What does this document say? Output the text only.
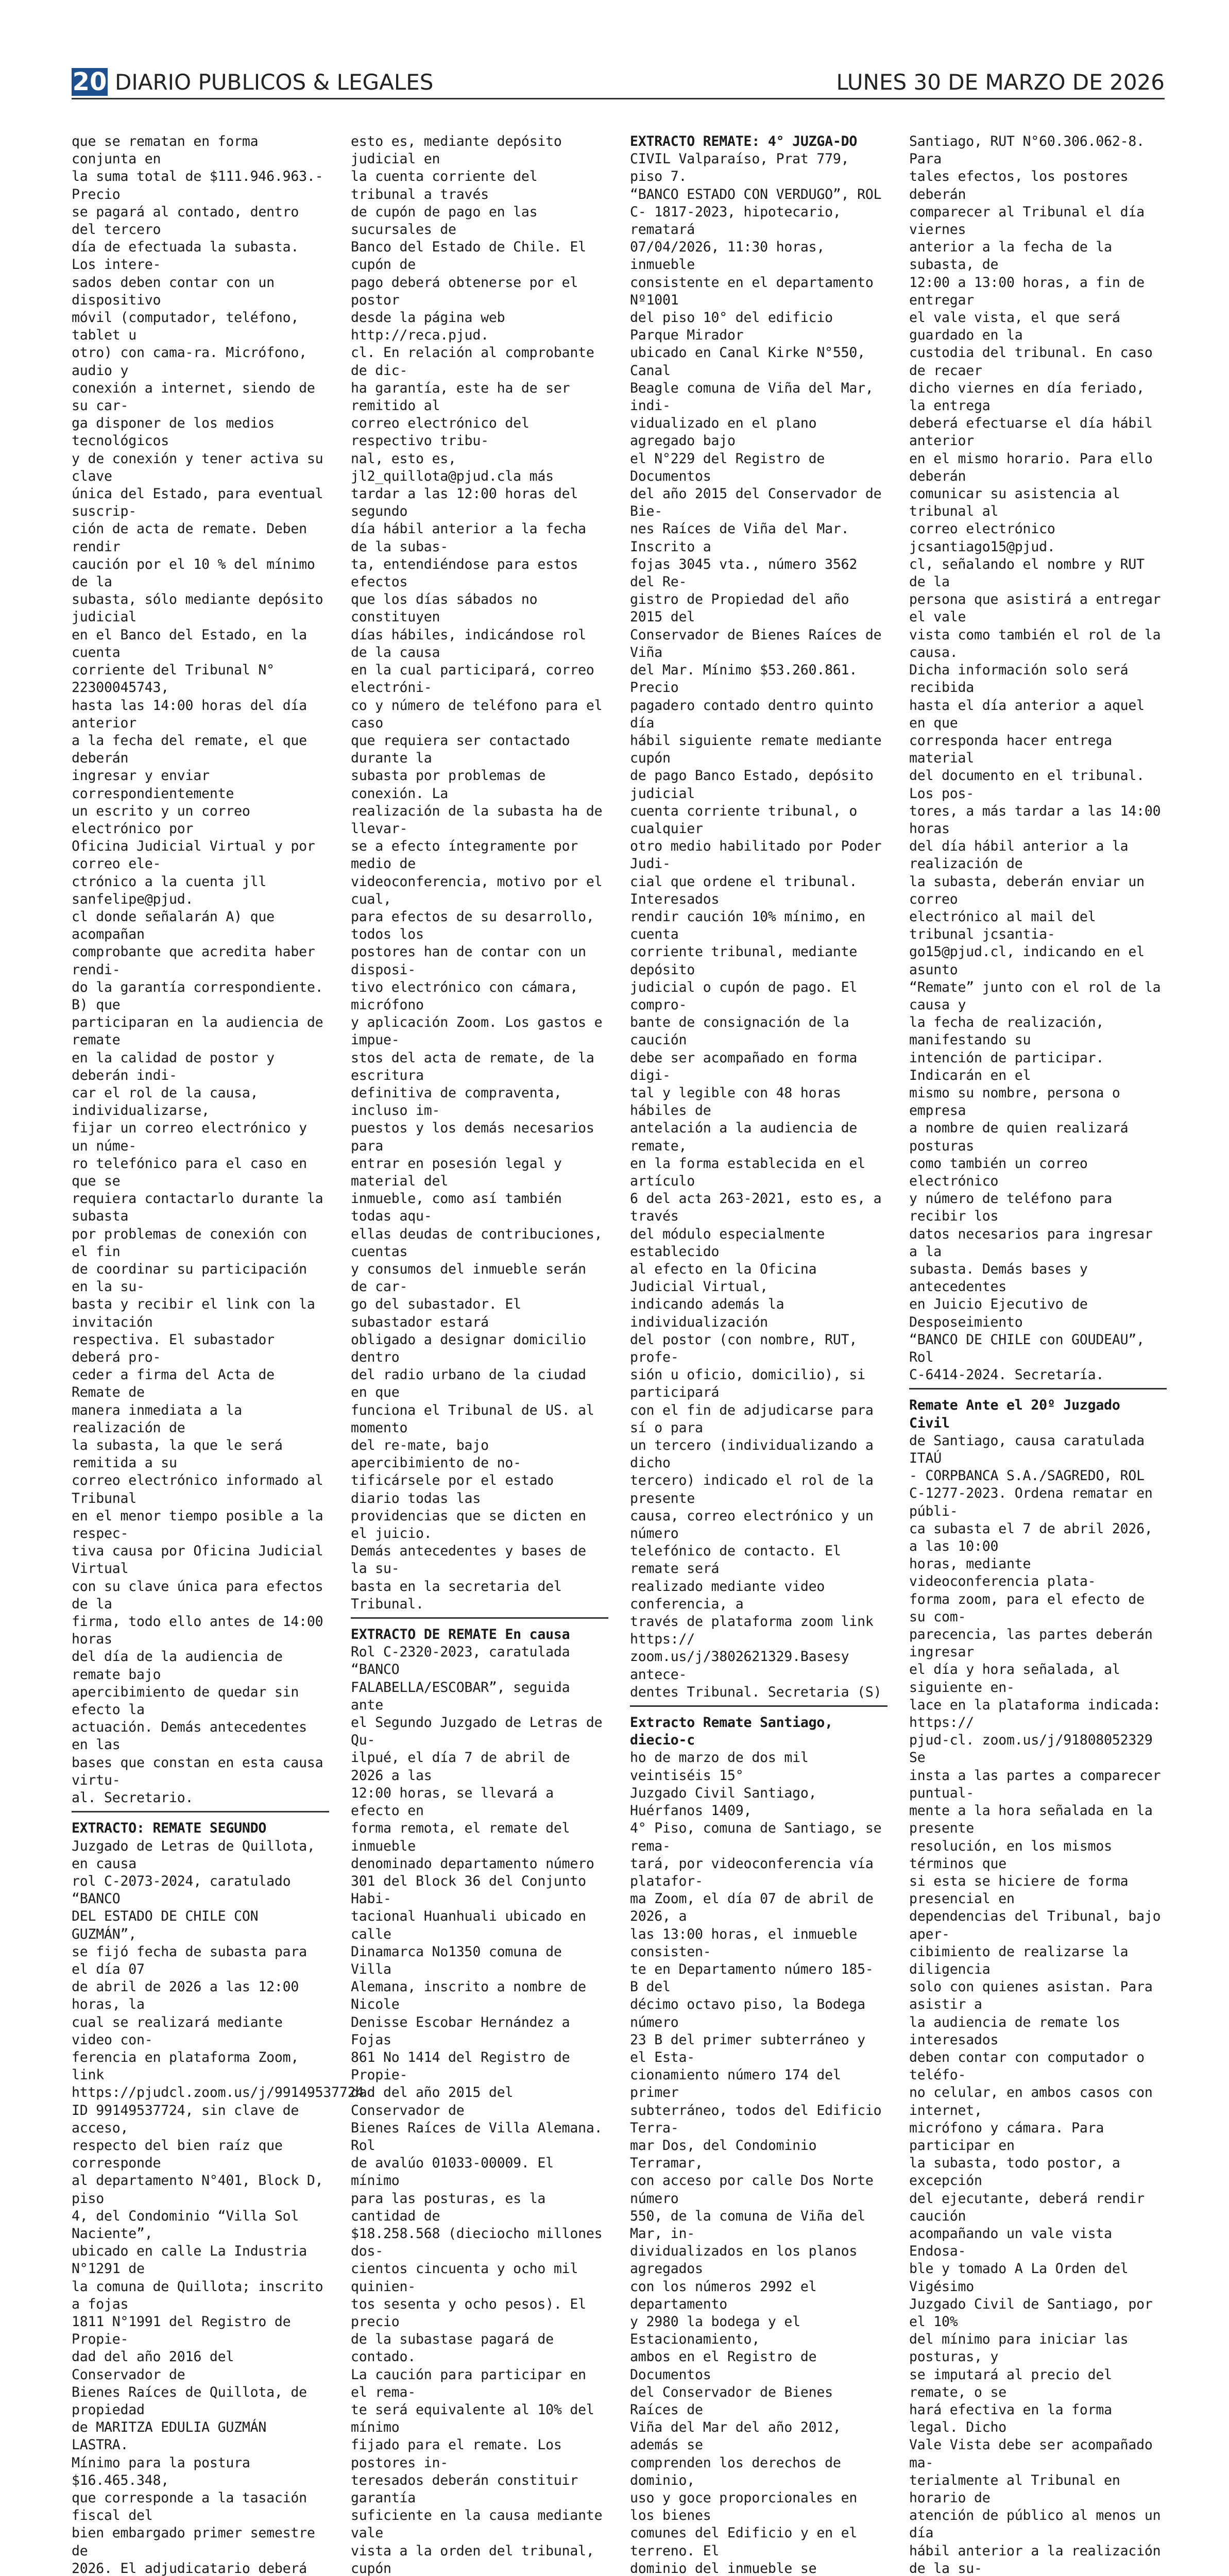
20 DIARIO PUBLICOS & LEGALES	LUNES 30 DE MARZO DE 2026
que se rematan en forma conjunta en
la suma total de $111.946.963.- Precio
se pagará al contado, dentro del tercero
día de efectuada la subasta. Los intere-
sados deben contar con un dispositivo
móvil (computador, teléfono, tablet u
otro) con cama-ra. Micrófono, audio y
conexión a internet, siendo de su car-
ga disponer de los medios tecnológicos
y de conexión y tener activa su clave
única del Estado, para eventual suscrip-
ción de acta de remate. Deben rendir
caución por el 10 % del mínimo de la
subasta, sólo mediante depósito judicial
en el Banco del Estado, en la cuenta
corriente del Tribunal N° 22300045743,
hasta las 14:00 horas del día anterior
a la fecha del remate, el que deberán
ingresar y enviar correspondientemente
un escrito y un correo electrónico por
Oficina Judicial Virtual y por correo ele-
ctrónico a la cuenta jll sanfelipe@pjud.
cl donde señalarán A) que acompañan
comprobante que acredita haber rendi-
do la garantía correspondiente. B) que
participaran en la audiencia de remate
en la calidad de postor y deberán indi-
car el rol de la causa, individualizarse,
fijar un correo electrónico y un núme-
ro telefónico para el caso en que se
requiera contactarlo durante la subasta
por problemas de conexión con el fin
de coordinar su participación en la su-
basta y recibir el link con la invitación
respectiva. El subastador deberá pro-
ceder a firma del Acta de Remate de
manera inmediata a la realización de
la subasta, la que le será remitida a su
correo electrónico informado al Tribunal
en el menor tiempo posible a la respec-
tiva causa por Oficina Judicial Virtual
con su clave única para efectos de la
firma, todo ello antes de 14:00 horas
del día de la audiencia de remate bajo
apercibimiento de quedar sin efecto la
actuación. Demás antecedentes en las
bases que constan en esta causa virtu-
al. Secretario.
EXTRACTO: REMATE SEGUNDO
Juzgado de Letras de Quillota, en causa
rol C-2073-2024, caratulado “BANCO
DEL ESTADO DE CHILE CON GUZMÁN”,
se fijó fecha de subasta para el día 07
de abril de 2026 a las 12:00 horas, la
cual se realizará mediante video con-
ferencia en plataforma Zoom, link
https://pjudcl.zoom.us/j/99149537724
ID 99149537724, sin clave de acceso,
respecto del bien raíz que corresponde
al departamento N°401, Block D, piso
4, del Condominio “Villa Sol Naciente”,
ubicado en calle La Industria N°1291 de
la comuna de Quillota; inscrito a fojas
1811 N°1991 del Registro de Propie-
dad del año 2016 del Conservador de
Bienes Raíces de Quillota, de propiedad
de MARITZA EDULIA GUZMÁN LASTRA.
Mínimo para la postura $16.465.348,
que corresponde a la tasación fiscal del
bien embargado primer semestre de
2026. El adjudicatario deberá

esto es, mediante depósito judicial en
la cuenta corriente del tribunal a través
de cupón de pago en las sucursales de
Banco del Estado de Chile. El cupón de
pago deberá obtenerse por el postor
desde la página web http://reca.pjud.
cl. En relación al comprobante de dic-
ha garantía, este ha de ser remitido al
correo electrónico del respectivo tribu-
nal, esto es, jl2_quillota@pjud.cla más
tardar a las 12:00 horas del segundo
día hábil anterior a la fecha de la subas-
ta, entendiéndose para estos efectos
que los días sábados no constituyen
días hábiles, indicándose rol de la causa
en la cual participará, correo electróni-
co y número de teléfono para el caso
que requiera ser contactado durante la
subasta por problemas de conexión. La
realización de la subasta ha de llevar-
se a efecto íntegramente por medio de
videoconferencia, motivo por el cual,
para efectos de su desarrollo, todos los
postores han de contar con un disposi-
tivo electrónico con cámara, micrófono
y aplicación Zoom. Los gastos e impue-
stos del acta de remate, de la escritura
definitiva de compraventa, incluso im-
puestos y los demás necesarios para
entrar en posesión legal y material del
inmueble, como así también todas aqu-
ellas deudas de contribuciones, cuentas
y consumos del inmueble serán de car-
go del subastador. El subastador estará
obligado a designar domicilio dentro
del radio urbano de la ciudad en que
funciona el Tribunal de US. al momento
del re-mate, bajo apercibimiento de no-
tificársele por el estado diario todas las
providencias que se dicten en el juicio.
Demás antecedentes y bases de la su-
basta en la secretaria del Tribunal.
EXTRACTO DE REMATE En causa
Rol C-2320-2023, caratulada “BANCO
FALABELLA/ESCOBAR”, seguida ante
el Segundo Juzgado de Letras de Qu-
ilpué, el día 7 de abril de 2026 a las
12:00 horas, se llevará a efecto en
forma remota, el remate del inmueble
denominado departamento número
301 del Block 36 del Conjunto Habi-
tacional Huanhuali ubicado en calle
Dinamarca No1350 comuna de Villa
Alemana, inscrito a nombre de Nicole
Denisse Escobar Hernández a Fojas
861 No 1414 del Registro de Propie-
dad del año 2015 del Conservador de
Bienes Raíces de Villa Alemana. Rol
de avalúo 01033-00009. El mínimo
para las posturas, es la cantidad de
$18.258.568 (dieciocho millones dos-
cientos cincuenta y ocho mil quinien-
tos sesenta y ocho pesos). El precio
de la subastase pagará de contado.
La caución para participar en el rema-
te será equivalente al 10% del mínimo
fijado para el remate. Los postores in-
teresados deberán constituir garantía
suficiente en la causa mediante vale
vista a la orden del tribunal, cupón

EXTRACTO REMATE: 4° JUZGA-DO
CIVIL Valparaíso, Prat 779, piso 7.
“BANCO ESTADO CON VERDUGO”, ROL
C- 1817-2023, hipotecario, rematará
07/04/2026, 11:30 horas, inmueble
consistente en el departamento Nº1001
del piso 10° del edificio Parque Mirador
ubicado en Canal Kirke N°550, Canal
Beagle comuna de Viña del Mar, indi-
vidualizado en el plano agregado bajo
el N°229 del Registro de Documentos
del año 2015 del Conservador de Bie-
nes Raíces de Viña del Mar. Inscrito a
fojas 3045 vta., número 3562 del Re-
gistro de Propiedad del año 2015 del
Conservador de Bienes Raíces de Viña
del Mar. Mínimo $53.260.861. Precio
pagadero contado dentro quinto día
hábil siguiente remate mediante cupón
de pago Banco Estado, depósito judicial
cuenta corriente tribunal, o cualquier
otro medio habilitado por Poder Judi-
cial que ordene el tribunal. Interesados
rendir caución 10% mínimo, en cuenta
corriente tribunal, mediante depósito
judicial o cupón de pago. El compro-
bante de consignación de la caución
debe ser acompañado en forma digi-
tal y legible con 48 horas hábiles de
antelación a la audiencia de remate,
en la forma establecida en el artículo
6 del acta 263-2021, esto es, a través
del módulo especialmente establecido
al efecto en la Oficina Judicial Virtual,
indicando además la individualización
del postor (con nombre, RUT, profe-
sión u oficio, domicilio), si participará
con el fin de adjudicarse para sí o para
un tercero (individualizando a dicho
tercero) indicado el rol de la presente
causa, correo electrónico y un número
telefónico de contacto. El remate será
realizado mediante video conferencia, a
través de plataforma zoom link https://
zoom.us/j/3802621329.Basesy antece-
dentes Tribunal. Secretaria (S)
Extracto Remate Santiago, diecio-c
ho de marzo de dos mil veintiséis 15°
Juzgado Civil Santiago, Huérfanos 1409,
4° Piso, comuna de Santiago, se rema-
tará, por videoconferencia vía platafor-
ma Zoom, el día 07 de abril de 2026, a
las 13:00 horas, el inmueble consisten-
te en Departamento número 185- B del
décimo octavo piso, la Bodega número
23 B del primer subterráneo y el Esta-
cionamiento número 174 del primer
subterráneo, todos del Edificio Terra-
mar Dos, del Condominio Terramar,
con acceso por calle Dos Norte número
550, de la comuna de Viña del Mar, in-
dividualizados en los planos agregados
con los números 2992 el departamento
y 2980 la bodega y el Estacionamiento,
ambos en el Registro de Documentos
del Conservador de Bienes Raíces de
Viña del Mar del año 2012, además se
comprenden los derechos de dominio,
uso y goce proporcionales en los bienes
comunes del Edificio y en el terreno. El
dominio del inmueble se

Santiago, RUT N°60.306.062-8. Para
tales efectos, los postores deberán
comparecer al Tribunal el día viernes
anterior a la fecha de la subasta, de
12:00 a 13:00 horas, a fin de entregar
el vale vista, el que será guardado en la
custodia del tribunal. En caso de recaer
dicho viernes en día feriado, la entrega
deberá efectuarse el día hábil anterior
en el mismo horario. Para ello deberán
comunicar su asistencia al tribunal al
correo electrónico jcsantiago15@pjud.
cl, señalando el nombre y RUT de la
persona que asistirá a entregar el vale
vista como también el rol de la causa.
Dicha información solo será recibida
hasta el día anterior a aquel en que
corresponda hacer entrega material
del documento en el tribunal. Los pos-
tores, a más tardar a las 14:00 horas
del día hábil anterior a la realización de
la subasta, deberán enviar un correo
electrónico al mail del tribunal jcsantia-
go15@pjud.cl, indicando en el asunto
“Remate” junto con el rol de la causa y
la fecha de realización, manifestando su
intención de participar. Indicarán en el
mismo su nombre, persona o empresa
a nombre de quien realizará posturas
como también un correo electrónico
y número de teléfono para recibir los
datos necesarios para ingresar a la
subasta. Demás bases y antecedentes
en Juicio Ejecutivo de Desposeimiento
“BANCO DE CHILE con GOUDEAU”, Rol
C-6414-2024. Secretaría.
Remate Ante el 20º Juzgado Civil
de Santiago, causa caratulada ITAÚ
- CORPBANCA S.A./SAGREDO, ROL
C-1277-2023. Ordena rematar en públi-
ca subasta el 7 de abril 2026, a las 10:00
horas, mediante videoconferencia plata-
forma zoom, para el efecto de su com-
parecencia, las partes deberán ingresar
el día y hora señalada, al siguiente en-
lace en la plataforma indicada: https://
pjud-cl. zoom.us/j/91808052329 Se
insta a las partes a comparecer puntual-
mente a la hora señalada en la presente
resolución, en los mismos términos que
si esta se hiciere de forma presencial en
dependencias del Tribunal, bajo aper-
cibimiento de realizarse la diligencia
solo con quienes asistan. Para asistir a
la audiencia de remate los interesados
deben contar con computador o teléfo-
no celular, en ambos casos con internet,
micrófono y cámara. Para participar en
la subasta, todo postor, a excepción
del ejecutante, deberá rendir caución
acompañando un vale vista Endosa-
ble y tomado A La Orden del Vigésimo
Juzgado Civil de Santiago, por el 10%
del mínimo para iniciar las posturas, y
se imputará al precio del remate, o se
hará efectiva en la forma legal. Dicho
Vale Vista debe ser acompañado ma-
terialmente al Tribunal en horario de
atención de público al menos un día
hábil anterior a la realización de la su-
